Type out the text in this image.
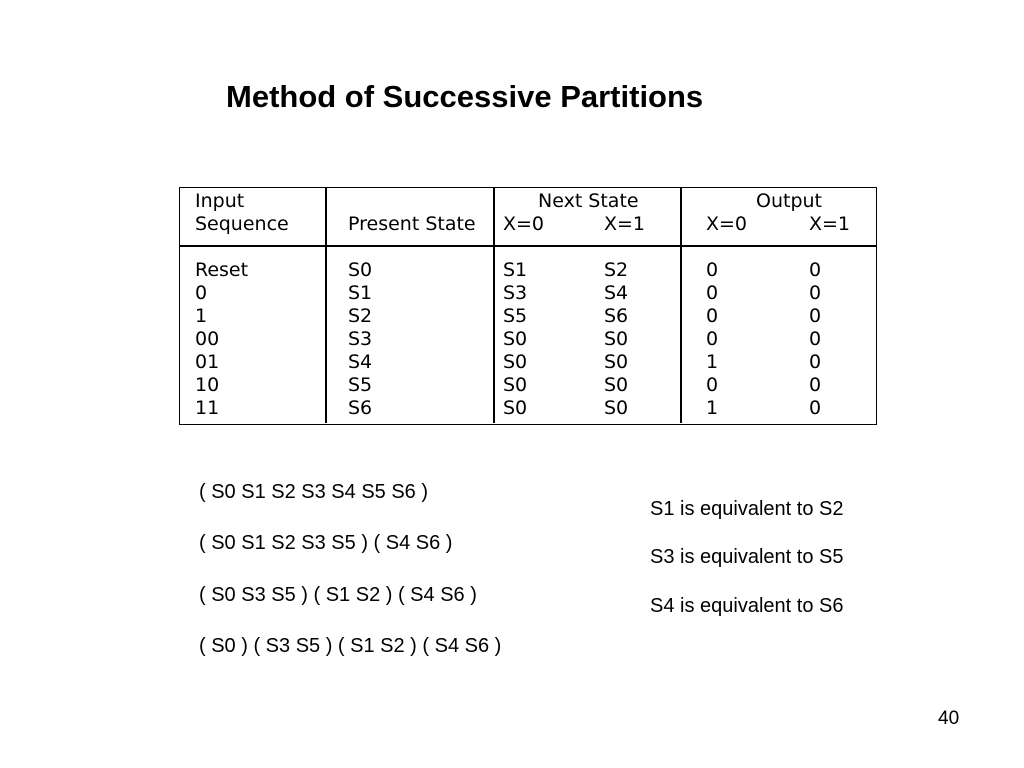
Method of Successive Partitions
Input
Sequence	Present State
Next State
X=0	X=1
Output
X=0	X=1
Reset	S0	S1	S2	0	0
0	S1	S3	S4	0	0
1	S2	S5	S6	0	0
00	S3	S0	S0	0	0
01	S4	S0	S0	1	0
10	S5	S0	S0	0	0
11	S6	S0	S0	1	0
( S0 S1 S2 S3 S4 S5 S6 )
( S0 S1 S2 S3 S5 ) ( S4 S6 )
( S0 S3 S5 ) ( S1 S2 ) ( S4 S6 )
( S0 ) ( S3 S5 ) ( S1 S2 ) ( S4 S6 )
S1 is equivalent to S2
S3 is equivalent to S5
S4 is equivalent to S6
40
